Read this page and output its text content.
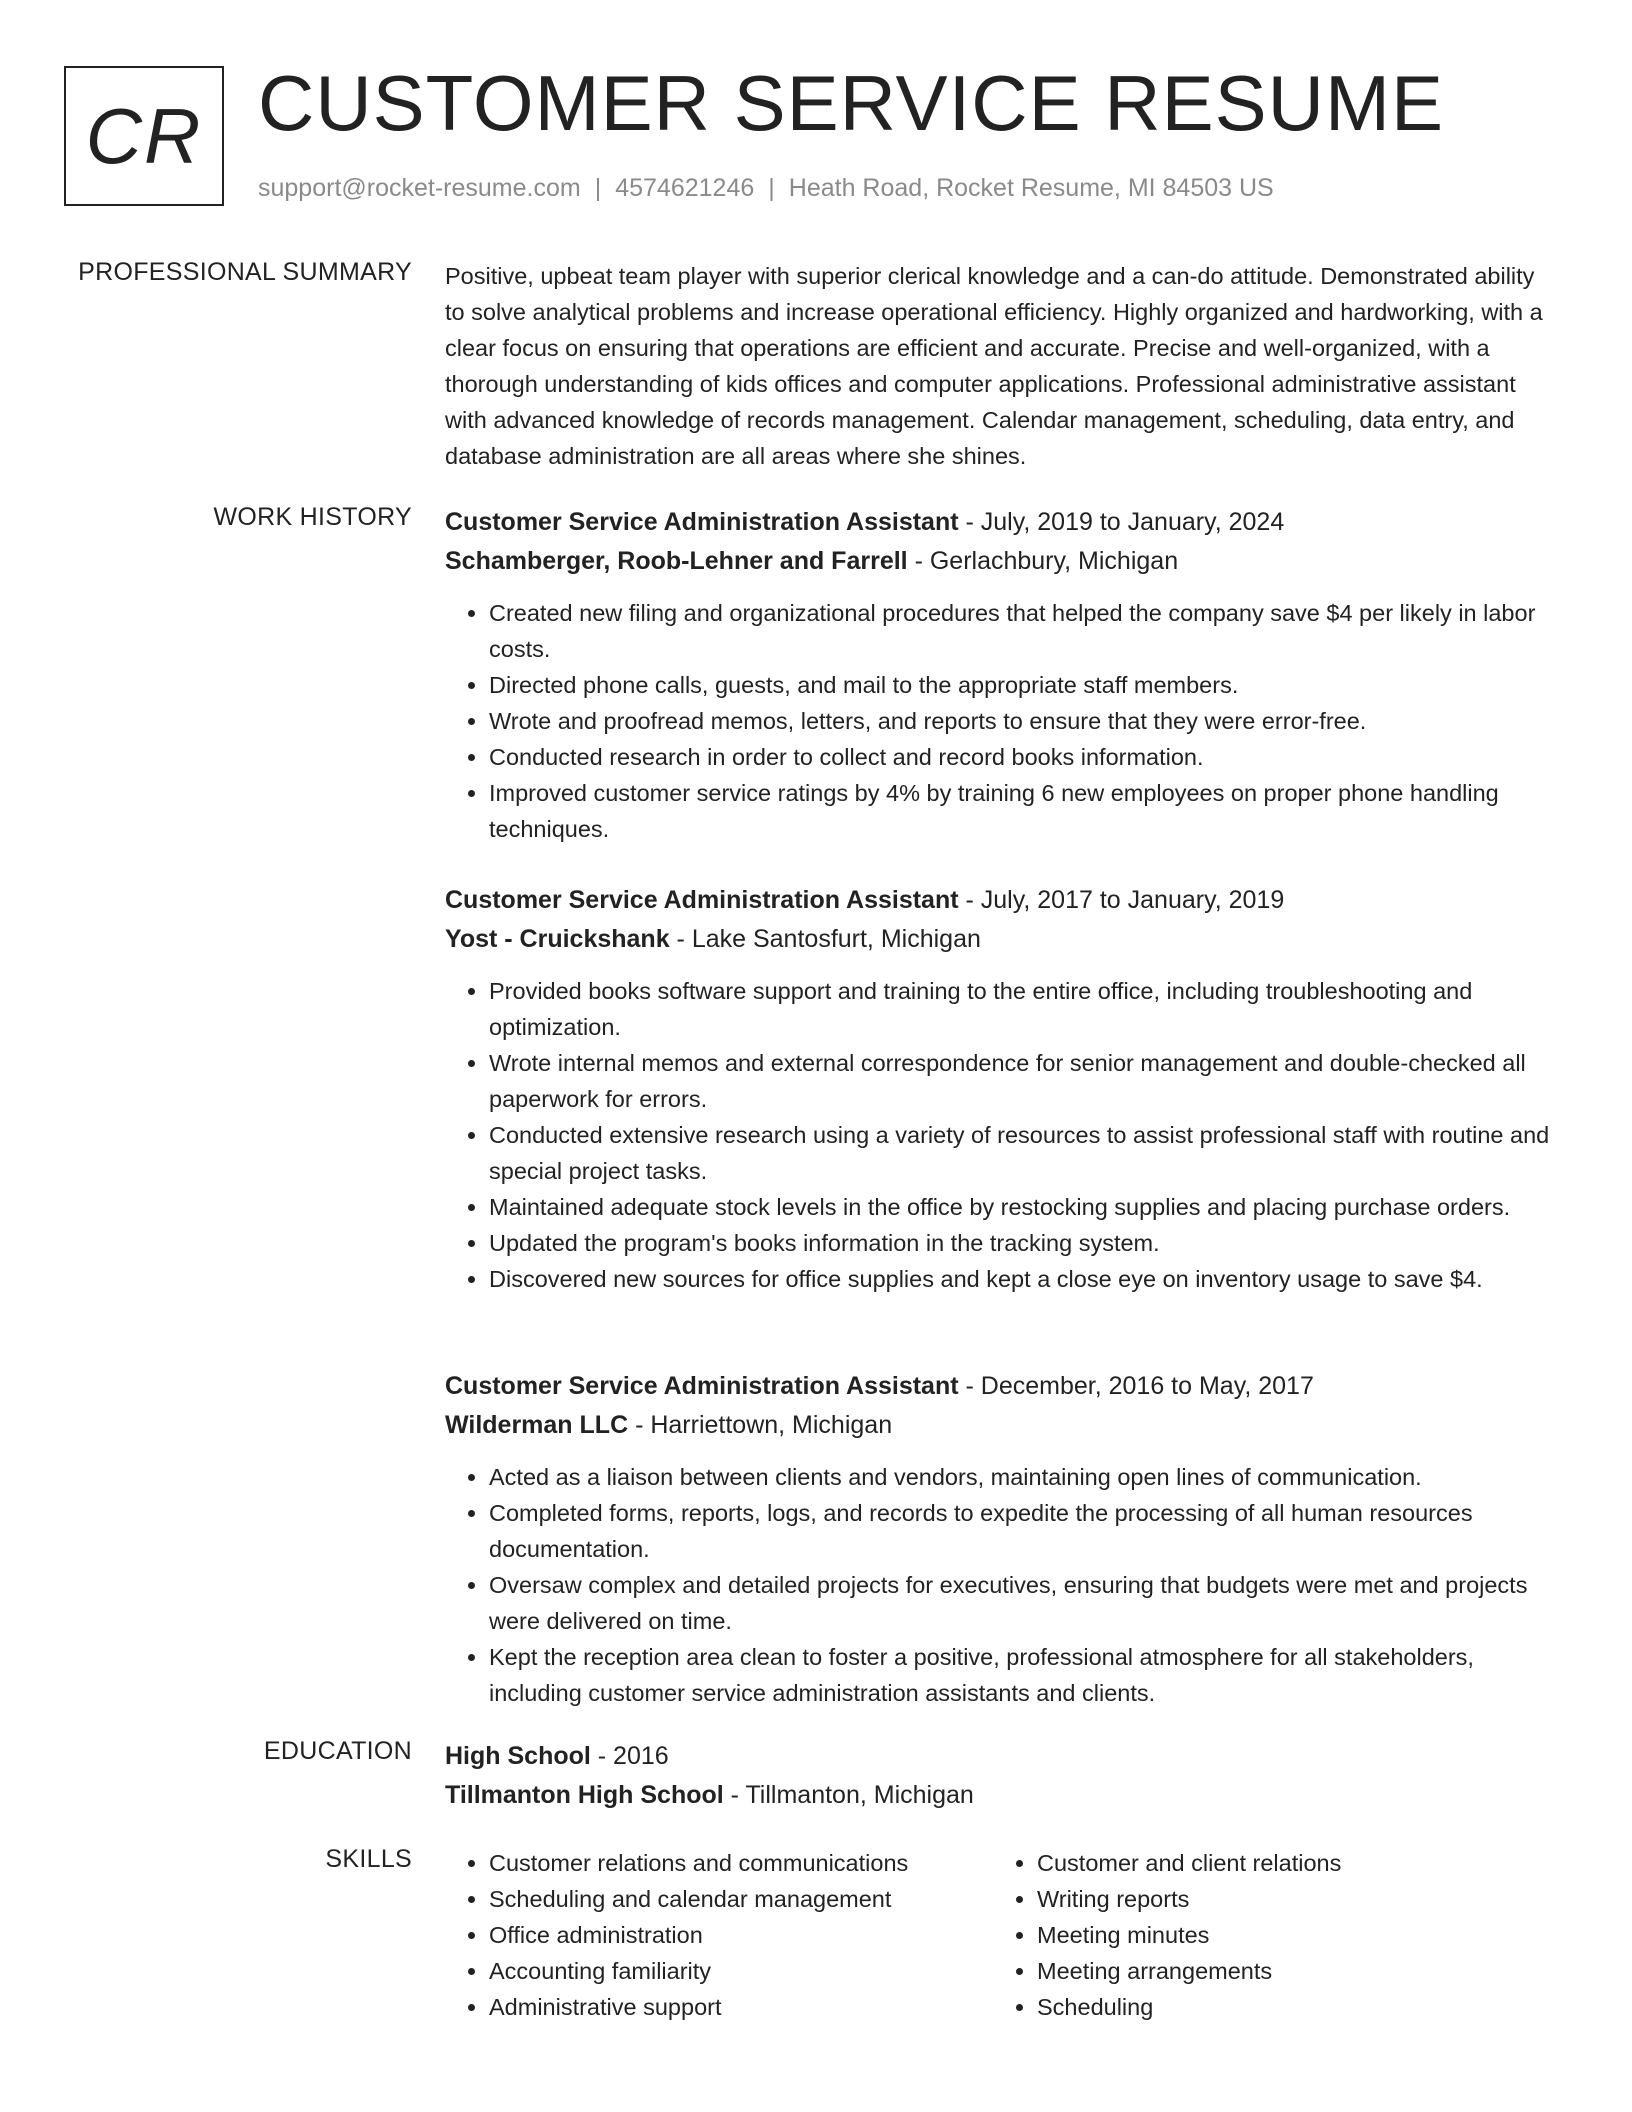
CR CUSTOMER SERVICE RESUME
support@rocket-resume.com | 4574621246 | Heath Road, Rocket Resume, MI 84503 US
PROFESSIONAL SUMMARY Positive, upbeat team player with superior clerical knowledge and a can-do attitude. Demonstrated ability to solve analytical problems and increase operational efficiency. Highly organized and hardworking, with a clear focus on ensuring that operations are efficient and accurate. Precise and well-organized, with a thorough understanding of kids offices and computer applications. Professional administrative assistant with advanced knowledge of records management. Calendar management, scheduling, data entry, and database administration are all areas where she shines.

WORK HISTORY Customer Service Administration Assistant - July, 2019 to January, 2024
Schamberger, Roob-Lehner and Farrell - Gerlachbury, Michigan
• Created new filing and organizational procedures that helped the company save $4 per likely in labor costs.
• Directed phone calls, guests, and mail to the appropriate staff members.
• Wrote and proofread memos, letters, and reports to ensure that they were error-free.
• Conducted research in order to collect and record books information.
• Improved customer service ratings by 4% by training 6 new employees on proper phone handling techniques.
Customer Service Administration Assistant - July, 2017 to January, 2019
Yost - Cruickshank - Lake Santosfurt, Michigan
• Provided books software support and training to the entire office, including troubleshooting and optimization.
• Wrote internal memos and external correspondence for senior management and double-checked all paperwork for errors.
• Conducted extensive research using a variety of resources to assist professional staff with routine and special project tasks.
• Maintained adequate stock levels in the office by restocking supplies and placing purchase orders.
• Updated the program's books information in the tracking system.
• Discovered new sources for office supplies and kept a close eye on inventory usage to save $4.
Customer Service Administration Assistant - December, 2016 to May, 2017
Wilderman LLC - Harriettown, Michigan
• Acted as a liaison between clients and vendors, maintaining open lines of communication.
• Completed forms, reports, logs, and records to expedite the processing of all human resources documentation.
• Oversaw complex and detailed projects for executives, ensuring that budgets were met and projects were delivered on time.
• Kept the reception area clean to foster a positive, professional atmosphere for all stakeholders, including customer service administration assistants and clients.
EDUCATION High School - 2016
Tillmanton High School - Tillmanton, Michigan
SKILLS
•	Customer relations and communications
• Scheduling and calendar management
• Office administration
• Accounting familiarity
• Administrative support
• Customer and client relations
• Writing reports
• Meeting minutes
• Meeting arrangements
• Scheduling
